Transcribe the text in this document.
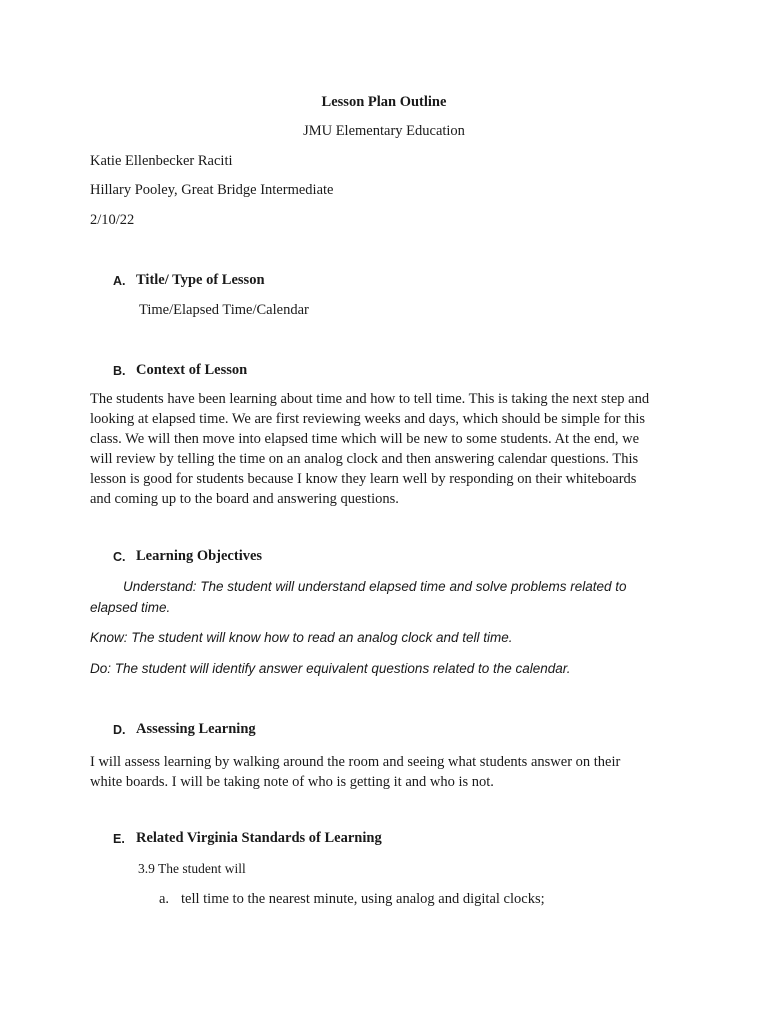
Lesson Plan Outline
JMU Elementary Education
Katie Ellenbecker Raciti
Hillary Pooley, Great Bridge Intermediate
2/10/22
A. Title/ Type of Lesson
Time/Elapsed Time/Calendar
B. Context of Lesson
The students have been learning about time and how to tell time. This is taking the next step and
looking at elapsed time. We are first reviewing weeks and days, which should be simple for this
class. We will then move into elapsed time which will be new to some students. At the end, we
will review by telling the time on an analog clock and then answering calendar questions. This
lesson is good for students because I know they learn well by responding on their whiteboards
and coming up to the board and answering questions.
C. Learning Objectives
Understand: The student will understand elapsed time and solve problems related to
elapsed time.
Know: The student will know how to read an analog clock and tell time.
Do: The student will identify answer equivalent questions related to the calendar.
D. Assessing Learning
I will assess learning by walking around the room and seeing what students answer on their
white boards. I will be taking note of who is getting it and who is not.
E. Related Virginia Standards of Learning
3.9 The student will
a. tell time to the nearest minute, using analog and digital clocks;
